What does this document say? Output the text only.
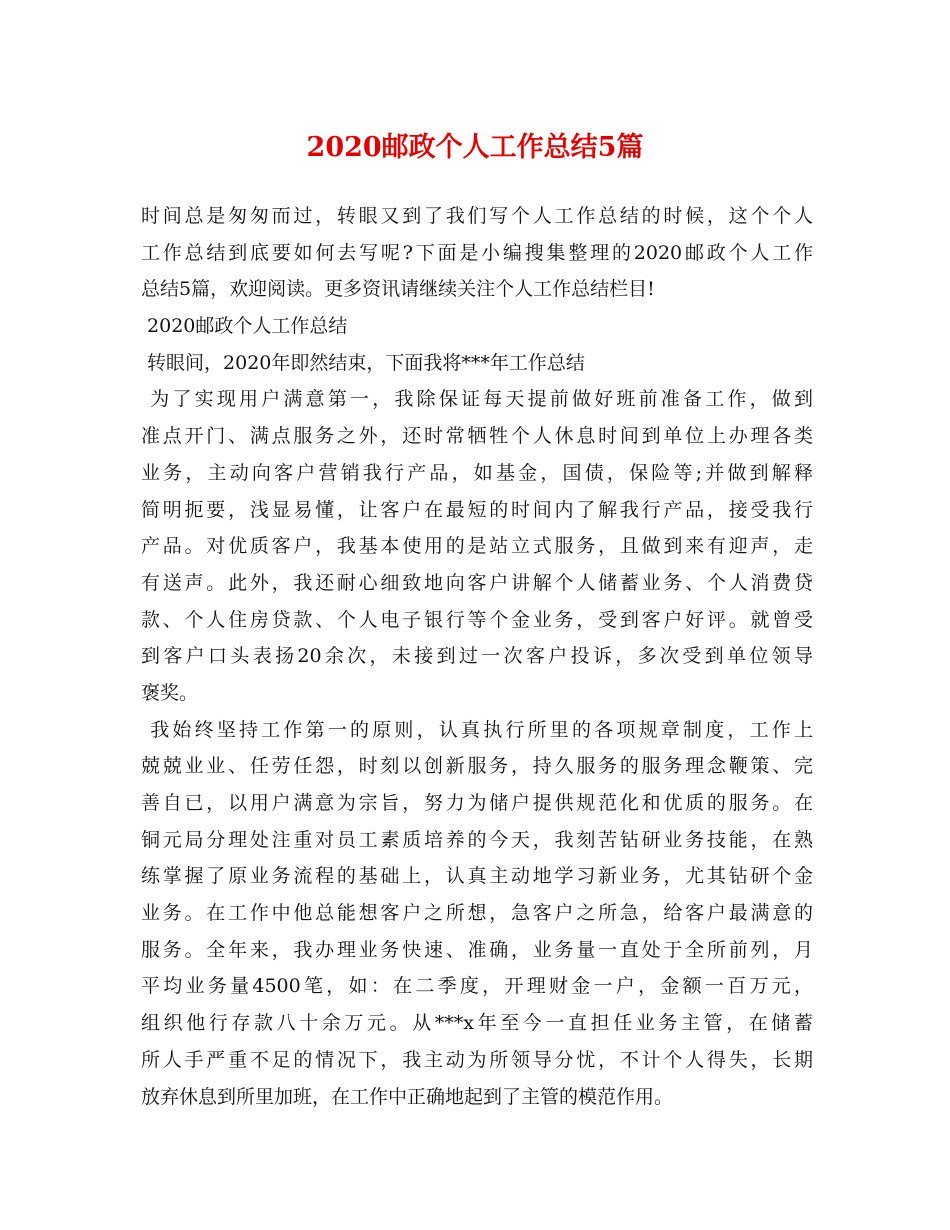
2020邮政个人工作总结5篇
时间总是匆匆而过，转眼又到了我们写个人工作总结的时候，这个个人
工作总结到底要如何去写呢?下面是小编搜集整理的2020邮政个人工作
总结5篇，欢迎阅读。更多资讯请继续关注个人工作总结栏目!
2020邮政个人工作总结
转眼间，2020年即然结束，下面我将***年工作总结
为了实现用户满意第一，我除保证每天提前做好班前准备工作，做到
准点开门、满点服务之外，还时常牺牲个人休息时间到单位上办理各类
业务，主动向客户营销我行产品，如基金，国债，保险等;并做到解释
简明扼要，浅显易懂，让客户在最短的时间内了解我行产品，接受我行
产品。对优质客户，我基本使用的是站立式服务，且做到来有迎声，走
有送声。此外，我还耐心细致地向客户讲解个人储蓄业务、个人消费贷
款、个人住房贷款、个人电子银行等个金业务，受到客户好评。就曾受
到客户口头表扬20余次，未接到过一次客户投诉，多次受到单位领导
褒奖。
我始终坚持工作第一的原则，认真执行所里的各项规章制度，工作上
兢兢业业、任劳任怨，时刻以创新服务，持久服务的服务理念鞭策、完
善自已，以用户满意为宗旨，努力为储户提供规范化和优质的服务。在
铜元局分理处注重对员工素质培养的今天，我刻苦钻研业务技能，在熟
练掌握了原业务流程的基础上，认真主动地学习新业务，尤其钻研个金
业务。在工作中他总能想客户之所想，急客户之所急，给客户最满意的
服务。全年来，我办理业务快速、准确，业务量一直处于全所前列，月
平均业务量4500笔，如：在二季度，开理财金一户，金额一百万元，
组织他行存款八十余万元。从***x年至今一直担任业务主管，在储蓄
所人手严重不足的情况下，我主动为所领导分忧，不计个人得失，长期
放弃休息到所里加班，在工作中正确地起到了主管的模范作用。
